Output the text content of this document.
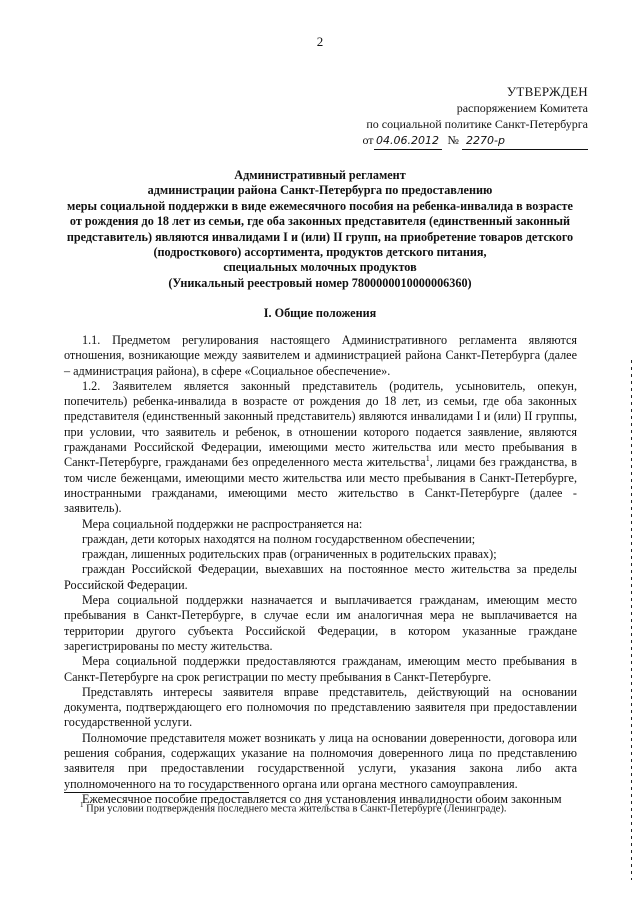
2
УТВЕРЖДЕН
распоряжением Комитета
по социальной политике Санкт-Петербурга
от 04.06.2012 № 2270-р
Административный регламент
администрации района Санкт-Петербурга по предоставлению
меры социальной поддержки в виде ежемесячного пособия на ребенка-инвалида в возрасте от рождения до 18 лет из семьи, где оба законных представителя (единственный законный представитель) являются инвалидами I и (или) II групп, на приобретение товаров детского (подросткового) ассортимента, продуктов детского питания,
специальных молочных продуктов
(Уникальный реестровый номер 7800000010000006360)
I. Общие положения

1.1. Предметом регулирования настоящего Административного регламента являются отношения, возникающие между заявителем и администрацией района Санкт-Петербурга (далее – администрация района), в сфере «Социальное обеспечение».

1.2. Заявителем является законный представитель (родитель, усыновитель, опекун, попечитель) ребенка-инвалида в возрасте от рождения до 18 лет, из семьи, где оба законных представителя (единственный законный представитель) являются инвалидами I и (или) II группы, при условии, что заявитель и ребенок, в отношении которого подается заявление, являются гражданами Российской Федерации, имеющими место жительства или место пребывания в Санкт-Петербурге, гражданами без определенного места жительства$^1$, лицами без гражданства, в том числе беженцами, имеющими место жительства или место пребывания в Санкт-Петербурге, иностранными гражданами, имеющими место жительство в Санкт-Петербурге (далее - заявитель).

Мера социальной поддержки не распространяется на:

граждан, дети которых находятся на полном государственном обеспечении;

граждан, лишенных родительских прав (ограниченных в родительских правах);

граждан Российской Федерации, выехавших на постоянное место жительства за пределы Российской Федерации.

Мера социальной поддержки назначается и выплачивается гражданам, имеющим место пребывания в Санкт-Петербурге, в случае если им аналогичная мера не выплачивается на территории другого субъекта Российской Федерации, в котором указанные граждане зарегистрированы по месту жительства.

Мера социальной поддержки предоставляются гражданам, имеющим место пребывания в Санкт-Петербурге на срок регистрации по месту пребывания в Санкт-Петербурге.

Представлять интересы заявителя вправе представитель, действующий на основании документа, подтверждающего его полномочия по представлению заявителя при предоставлении государственной услуги.

Полномочие представителя может возникать у лица на основании доверенности, договора или решения собрания, содержащих указание на полномочия доверенного лица по представлению заявителя при предоставлении государственной услуги, указания закона либо акта уполномоченного на то государственного органа или органа местного самоуправления.

Ежемесячное пособие предоставляется со дня установления инвалидности обоим законным

$^1$ При условии подтверждения последнего места жительства в Санкт-Петербурге (Ленинграде).
